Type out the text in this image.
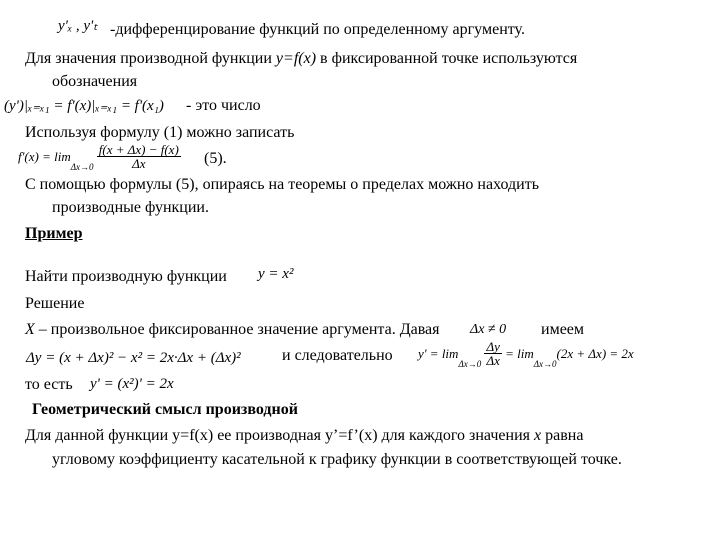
y'ₓ , y'ₜ -дифференцирование функций по определенному аргументу.
Для значения производной функции y=f(x) в фиксированной точке используются
обозначения
(y')|ₓ₌ₓ₁ = f'(x)|ₓ₌ₓ₁ = f'(x₁) - это число
Используя формулу (1) можно записать
$f'(x) = \lim_{\Delta x\to 0} \frac{f(x + \Delta x) - f(x)}{\Delta x} (5)$.
С помощью формулы (5), опираясь на теоремы о пределах можно находить
производные функции.
Пример
Найти производную функции y = x²
Решение
X – произвольное фиксированное значение аргумента. Давая Δx ≠ 0 имеем
Δy = (x + Δx)² − x² = 2x·Δx + (Δx)²	и следовательно $y' = \lim_{\Delta x\to 0} \frac{\Delta y}{\Delta x} = \lim_{\Delta x\to 0}(2x + \Delta x) = 2x$
то есть y' = (x²)' = 2x
Геометрический смысл производной
Для данной функции y=f(x) ее производная y’=f’(x) для каждого значения x равна
угловому коэффициенту касательной к графику функции в соответствующей точке.
